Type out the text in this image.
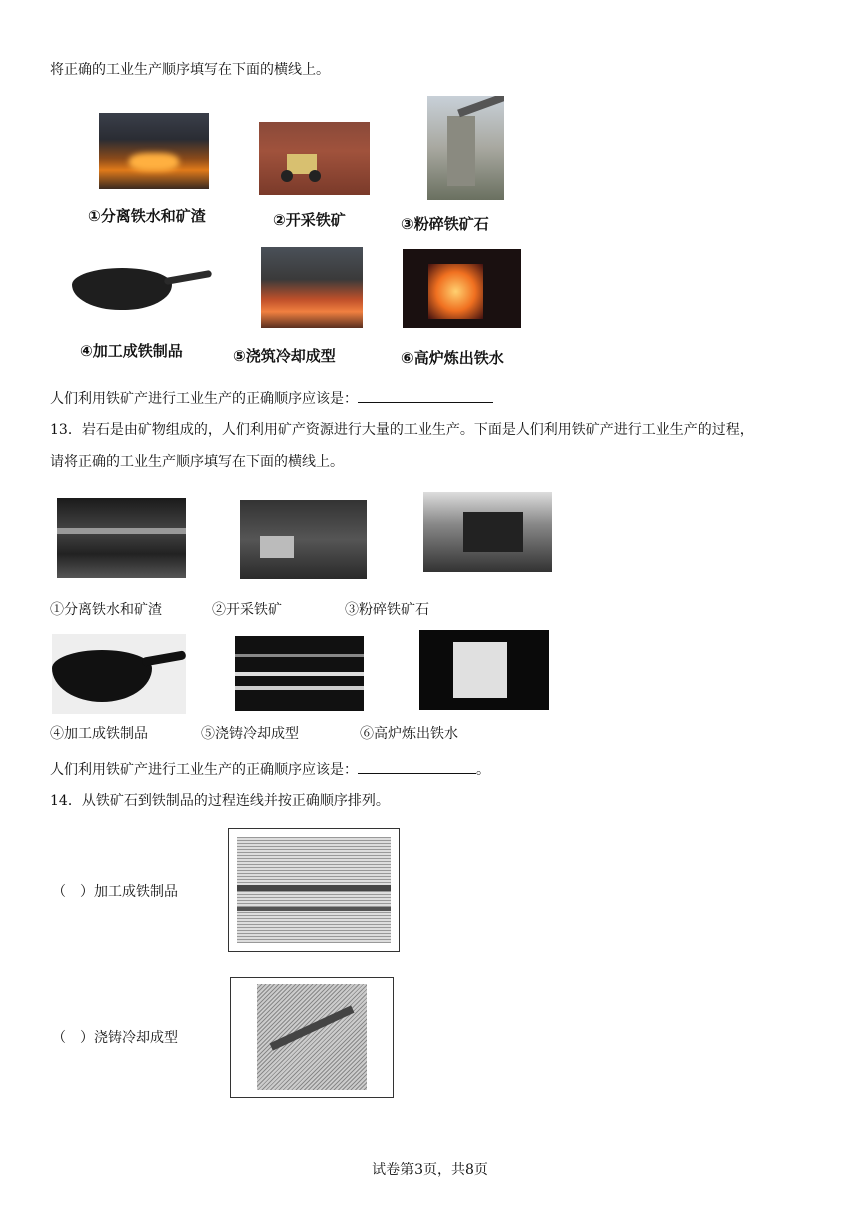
将正确的工业生产顺序填写在下面的横线上。
①分离铁水和矿渣	②开采铁矿	③粉碎铁矿石
④加工成铁制品	⑤浇筑冷却成型	⑥高炉炼出铁水
人们利用铁矿产进行工业生产的正确顺序应该是：
13．岩石是由矿物组成的，人们利用矿产资源进行大量的工业生产。下面是人们利用铁矿产进行工业生产的过程，
请将正确的工业生产顺序填写在下面的横线上。
①分离铁水和矿渣	②开采铁矿	③粉碎铁矿石
④加工成铁制品	⑤浇铸冷却成型	⑥高炉炼出铁水
人们利用铁矿产进行工业生产的正确顺序应该是：	。
14．从铁矿石到铁制品的过程连线并按正确顺序排列。
（　）加工成铁制品
（　）浇铸冷却成型
试卷第3页，共8页
